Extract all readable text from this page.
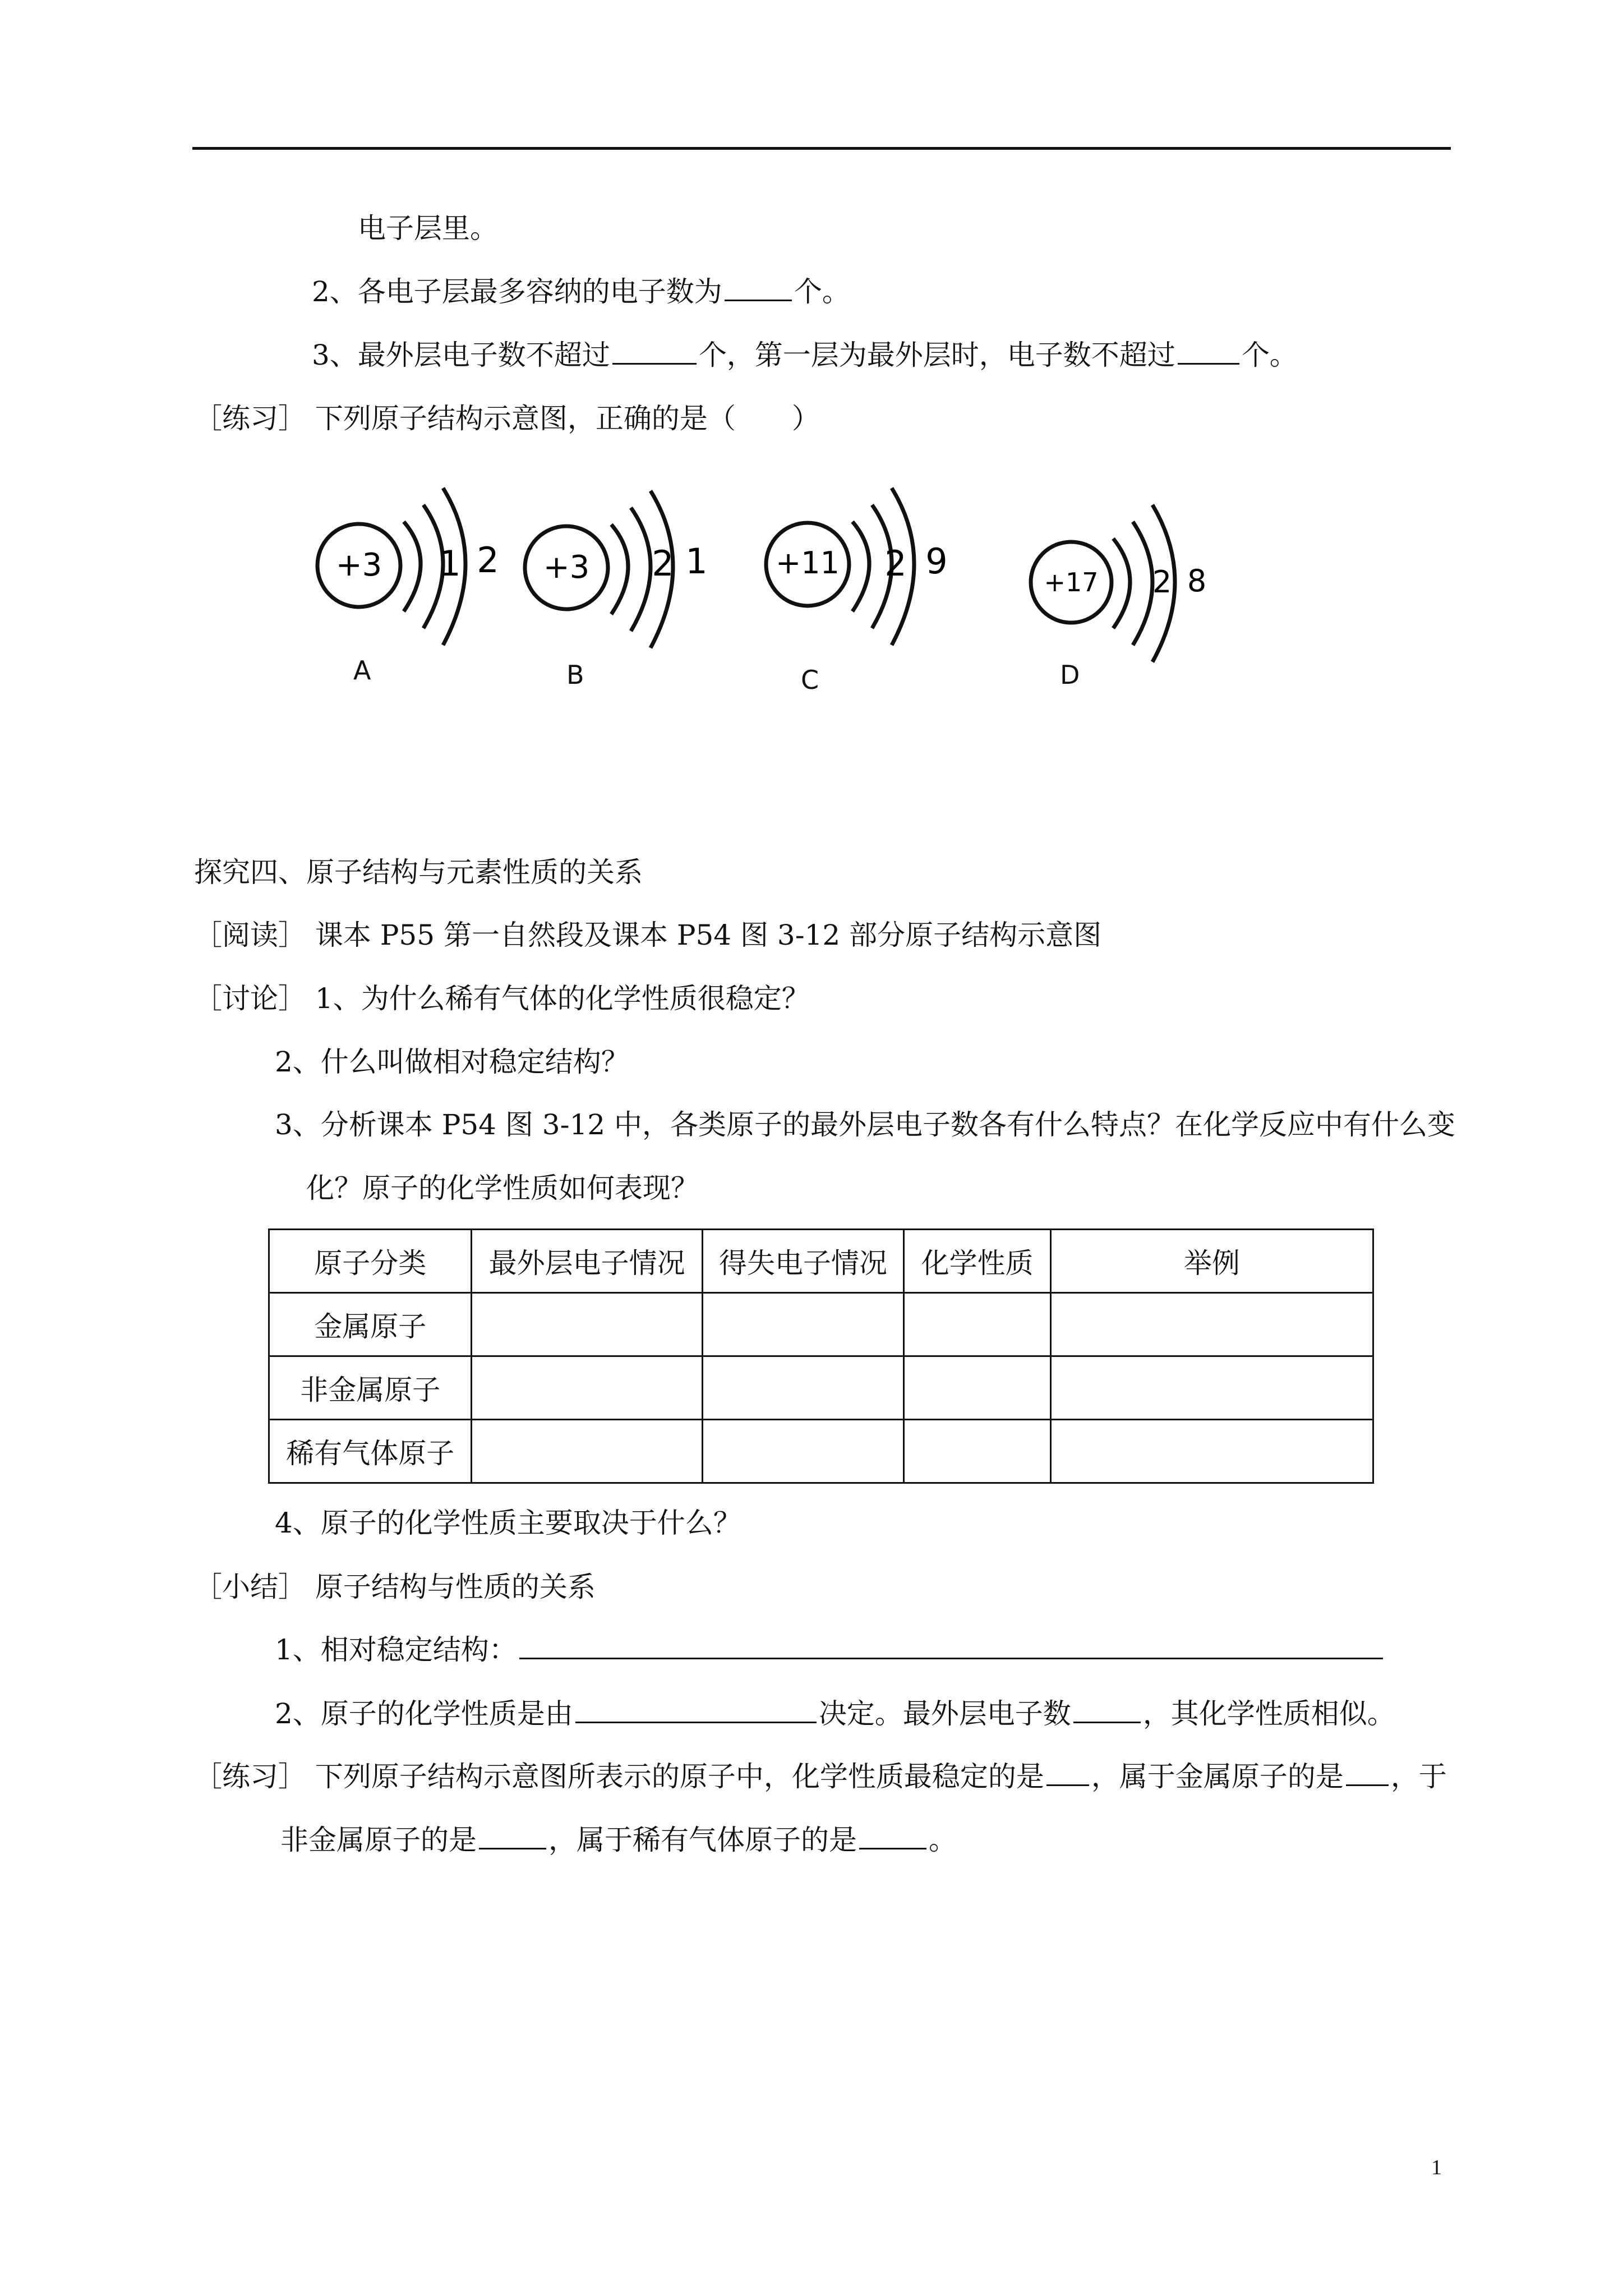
电子层里。
2、各电子层最多容纳的电子数为	个。
3、最外层电子数不超过	个，第一层为最外层时，电子数不超过 个。
［练习］ 下列原子结构示意图，正确的是（　　）
+3 1 2
A
+3 2 1
B
+11 2 9
C
+17 2 8
D
探究四、原子结构与元素性质的关系
［阅读］ 课本 P55 第一自然段及课本 P54 图 3-12 部分原子结构示意图
［讨论］ 1、为什么稀有气体的化学性质很稳定？
2、什么叫做相对稳定结构？
3、分析课本 P54 图 3-12 中，各类原子的最外层电子数各有什么特点？在化学反应中有什么变
化？原子的化学性质如何表现？
原子分类	最外层电子情况	得失电子情况	化学性质	举例
金属原子				
非金属原子				
稀有气体原子				
4、原子的化学性质主要取决于什么？
［小结］ 原子结构与性质的关系
1、相对稳定结构：
2、原子的化学性质是由	决定。最外层电子数	，其化学性质相似。
［练习］ 下列原子结构示意图所表示的原子中，化学性质最稳定的是 ，属于金属原子的是 ，于
非金属原子的是	，属于稀有气体原子的是	。
1
